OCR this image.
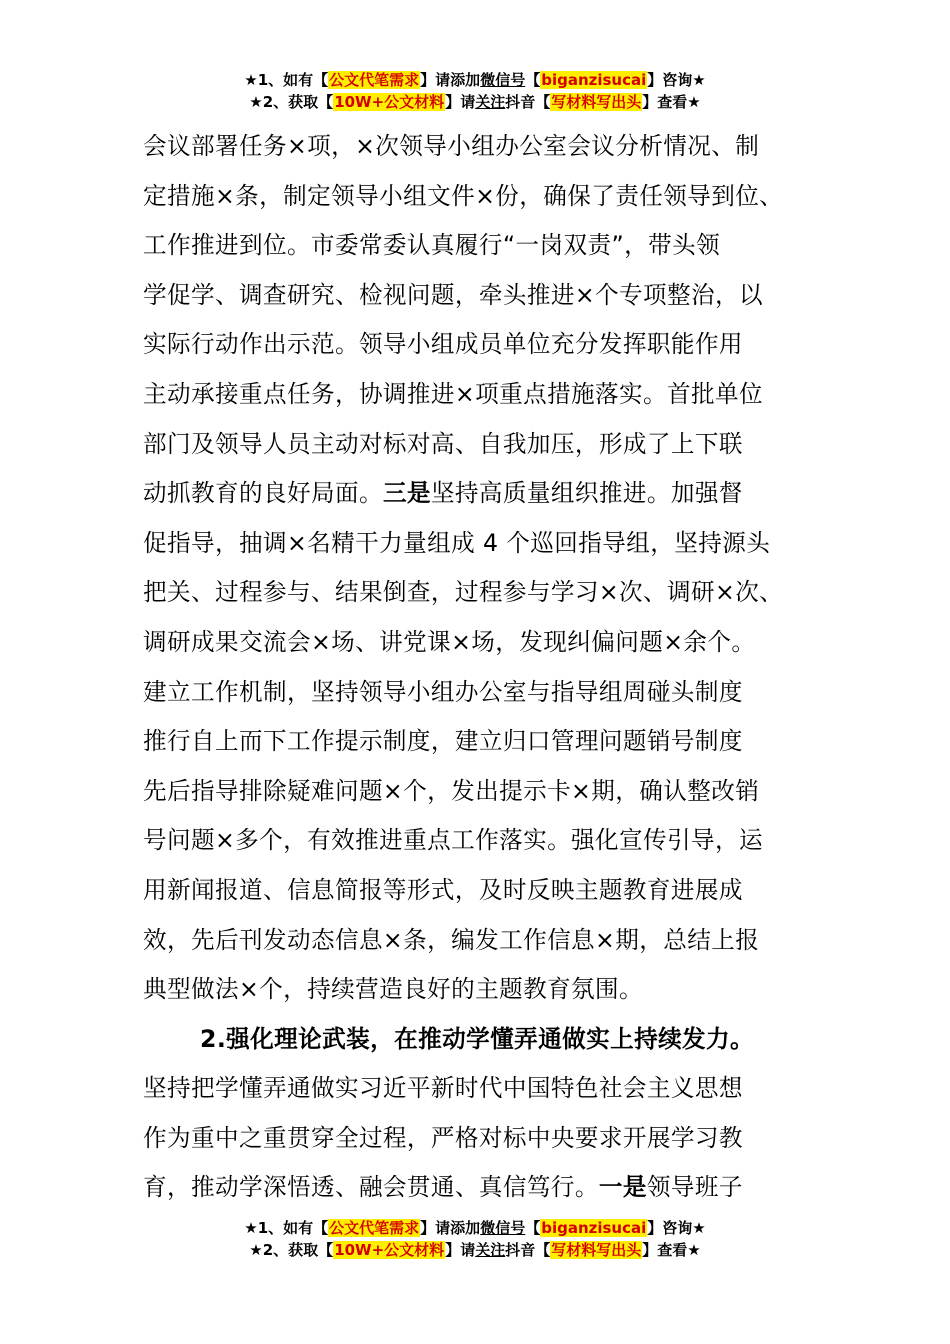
★1、如有【公文代笔需求】请添加微信号【biganzisucai】咨询★
★2、获取【10W+公文材料】请关注抖音【写材料写出头】查看★
会议部署任务×项，×次领导小组办公室会议分析情况、制
定措施×条，制定领导小组文件×份，确保了责任领导到位、
工作推进到位。市委常委认真履行“一岗双责”，带头领
学促学、调查研究、检视问题，牵头推进×个专项整治，以
实际行动作出示范。领导小组成员单位充分发挥职能作用
主动承接重点任务，协调推进×项重点措施落实。首批单位
部门及领导人员主动对标对高、自我加压，形成了上下联
动抓教育的良好局面。三是坚持高质量组织推进。加强督
促指导，抽调×名精干力量组成 4 个巡回指导组，坚持源头
把关、过程参与、结果倒查，过程参与学习×次、调研×次、
调研成果交流会×场、讲党课×场，发现纠偏问题×余个。
建立工作机制，坚持领导小组办公室与指导组周碰头制度
推行自上而下工作提示制度，建立归口管理问题销号制度
先后指导排除疑难问题×个，发出提示卡×期，确认整改销
号问题×多个，有效推进重点工作落实。强化宣传引导，运
用新闻报道、信息简报等形式，及时反映主题教育进展成
效，先后刊发动态信息×条，编发工作信息×期，总结上报
典型做法×个，持续营造良好的主题教育氛围。
2.强化理论武装，在推动学懂弄通做实上持续发力。
坚持把学懂弄通做实习近平新时代中国特色社会主义思想
作为重中之重贯穿全过程，严格对标中央要求开展学习教
育，推动学深悟透、融会贯通、真信笃行。一是领导班子
★1、如有【公文代笔需求】请添加微信号【biganzisucai】咨询★
★2、获取【10W+公文材料】请关注抖音【写材料写出头】查看★
